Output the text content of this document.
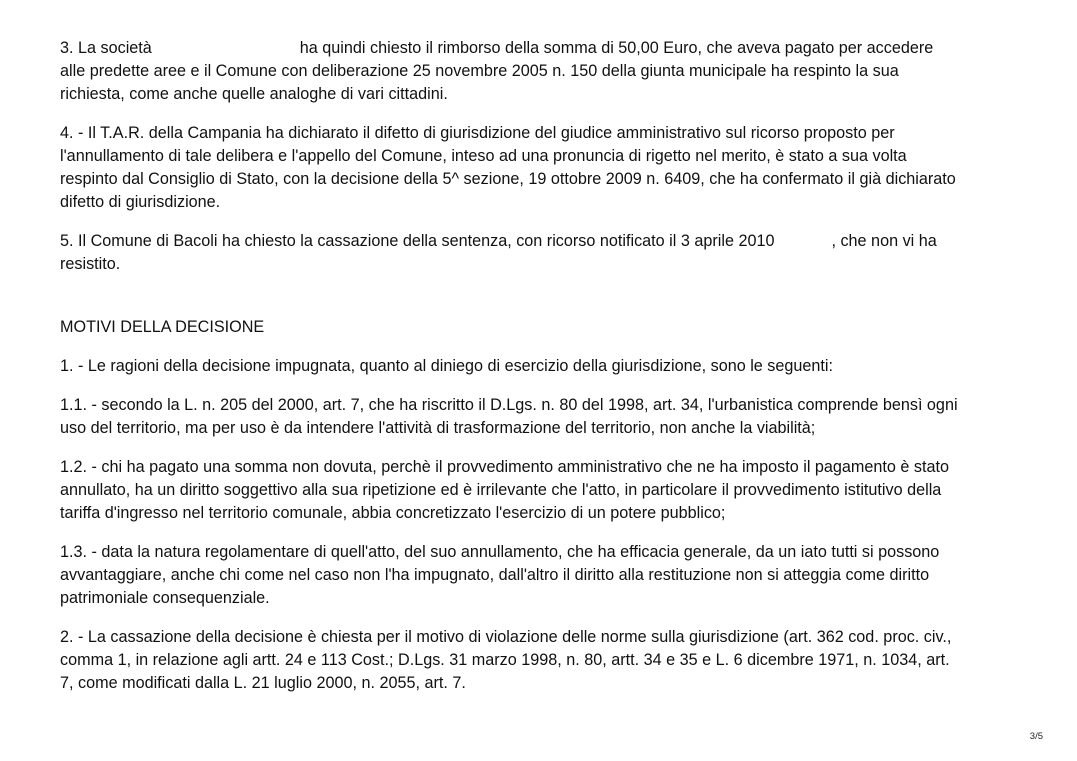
3. La società	ha quindi chiesto il rimborso della somma di 50,00 Euro, che aveva pagato per accedere
alle predette aree e il Comune con deliberazione 25 novembre 2005 n. 150 della giunta municipale ha respinto la sua
richiesta, come anche quelle analoghe di vari cittadini.

4. - Il T.A.R. della Campania ha dichiarato il difetto di giurisdizione del giudice amministrativo sul ricorso proposto per
l'annullamento di tale delibera e l'appello del Comune, inteso ad una pronuncia di rigetto nel merito, è stato a sua volta
respinto dal Consiglio di Stato, con la decisione della 5^ sezione, 19 ottobre 2009 n. 6409, che ha confermato il già dichiarato
difetto di giurisdizione.

5. Il Comune di Bacoli ha chiesto la cassazione della sentenza, con ricorso notificato il 3 aprile 2010	, che non vi ha
resistito.

MOTIVI DELLA DECISIONE

1. - Le ragioni della decisione impugnata, quanto al diniego di esercizio della giurisdizione, sono le seguenti:

1.1. - secondo la L. n. 205 del 2000, art. 7, che ha riscritto il D.Lgs. n. 80 del 1998, art. 34, l'urbanistica comprende bensì ogni
uso del territorio, ma per uso è da intendere l'attività di trasformazione del territorio, non anche la viabilità;

1.2. - chi ha pagato una somma non dovuta, perchè il provvedimento amministrativo che ne ha imposto il pagamento è stato
annullato, ha un diritto soggettivo alla sua ripetizione ed è irrilevante che l'atto, in particolare il provvedimento istitutivo della
tariffa d'ingresso nel territorio comunale, abbia concretizzato l'esercizio di un potere pubblico;

1.3. - data la natura regolamentare di quell'atto, del suo annullamento, che ha efficacia generale, da un iato tutti si possono
avvantaggiare, anche chi come nel caso non l'ha impugnato, dall'altro il diritto alla restituzione non si atteggia come diritto
patrimoniale consequenziale.

2. - La cassazione della decisione è chiesta per il motivo di violazione delle norme sulla giurisdizione (art. 362 cod. proc. civ.,
comma 1, in relazione agli artt. 24 e 113 Cost.; D.Lgs. 31 marzo 1998, n. 80, artt. 34 e 35 e L. 6 dicembre 1971, n. 1034, art.
7, come modificati dalla L. 21 luglio 2000, n. 2055, art. 7.

3/5
